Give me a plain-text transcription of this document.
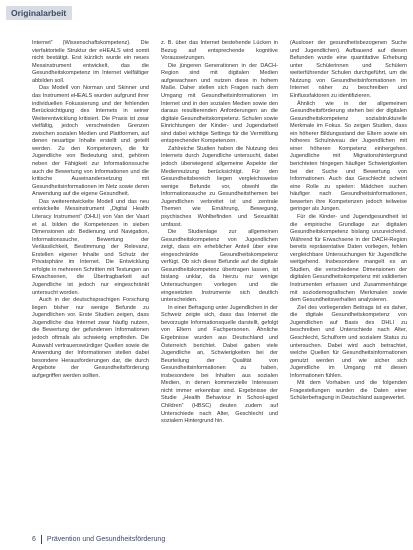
Originalarbeit

Internet“ (Wissenschaftskompetenz). Die vierfaktorielle Struktur der eHEALS wird somit nicht bestätigt. Erst kürzlich wurde ein neues Messinstrument entwickelt, das die Gesundheitskompetenz im Internet vielfältiger abbilden soll.

Das Modell von Norman und Skinner und das Instrument eHEALS wurden aufgrund ihrer individuellen Fokussierung und der fehlenden Berücksichtigung des Internets in seiner Weiterentwicklung kritisiert. Die Praxis ist zwar vielfältig, jedoch verschwinden Grenzen zwischen sozialen Medien und Plattformen, auf denen neuartige Inhalte erstellt und geteilt werden. Zu den Kompetenzen, die für Jugendliche von Bedeutung sind, gehören neben der Fähigkeit zur Informationssuche auch die Bewertung von Informationen und die kritische Auseinandersetzung mit Gesundheitsinformationen im Netz sowie deren Anwendung auf die eigene Gesundheit.

Das weiterentwickelte Modell und das neu entwickelte Messinstrument „Digital Health Literacy Instrument“ (DHLI) von Van der Vaart et al. bilden die Kompetenzen in sieben Dimensionen ab: Bedienung und Navigation, Informationssuche, Bewertung der Verlässlichkeit, Bestimmung der Relevanz, Erstellen eigener Inhalte und Schutz der Privatsphäre im Internet. Die Entwicklung erfolgte in mehreren Schritten mit Testungen an Erwachsenen, die Übertragbarkeit auf Jugendliche ist jedoch nur eingeschränkt untersucht worden.

Auch in der deutschsprachigen Forschung liegen bisher nur wenige Befunde zu Jugendlichen vor. Erste Studien zeigen, dass Jugendliche das Internet zwar häufig nutzen, die Bewertung der gefundenen Informationen jedoch oftmals als schwierig empfinden. Die Auswahl vertrauenswürdiger Quellen sowie die Anwendung der Informationen stellen dabei besondere Herausforderungen dar, die durch Angebote der Gesundheitsförderung aufgegriffen werden sollten.

z. B. über das Internet bestehende Lücken in Bezug auf entsprechende kognitive Voraussetzungen.

Die jüngeren Generationen in der DACH-Region sind mit digitalen Medien aufgewachsen und nutzen diese in hohem Maße. Daher stellen sich Fragen nach dem Umgang mit Gesundheitsinformationen im Internet und in den sozialen Medien sowie den daraus resultierenden Anforderungen an die digitale Gesundheitskompetenz. Schulen sowie Einrichtungen der Kinder- und Jugendarbeit sind dabei wichtige Settings für die Vermittlung entsprechender Kompetenzen.

Zahlreiche Studien haben die Nutzung des Internets durch Jugendliche untersucht, dabei jedoch überwiegend allgemeine Aspekte der Mediennutzung berücksichtigt. Für den Gesundheitsbereich liegen vergleichsweise wenige Befunde vor, obwohl die Informationssuche zu Gesundheitsthemen bei Jugendlichen verbreitet ist und zentrale Themen wie Ernährung, Bewegung, psychisches Wohlbefinden und Sexualität umfasst.

Die Studienlage zur allgemeinen Gesundheitskompetenz von Jugendlichen zeigt, dass ein erheblicher Anteil über eine eingeschränkte Gesundheitskompetenz verfügt. Ob sich diese Befunde auf die digitale Gesundheitskompetenz übertragen lassen, ist bislang unklar, da hierzu nur wenige Untersuchungen vorliegen und die eingesetzten Instrumente sich deutlich unterscheiden.

In einer Befragung unter Jugendlichen in der Schweiz zeigte sich, dass das Internet die bevorzugte Informationsquelle darstellt, gefolgt von Eltern und Fachpersonen. Ähnliche Ergebnisse wurden aus Deutschland und Österreich berichtet. Dabei gaben viele Jugendliche an, Schwierigkeiten bei der Beurteilung der Qualität von Gesundheitsinformationen zu haben, insbesondere bei Inhalten aus sozialen Medien, in denen kommerzielle Interessen nicht immer erkennbar sind. Ergebnisse der Studie „Health Behaviour in School-aged Children“ (HBSC) deuten zudem auf Unterschiede nach Alter, Geschlecht und sozialem Hintergrund hin.

(Ausloser der gesundheitsbezogenen Suche und Jugendlichen). Aufbauend auf diesen Befunden wurde eine quantitative Erhebung unter Schülerinnen und Schülern weiterführender Schulen durchgeführt, um die Nutzung von Gesundheitsinformationen im Internet näher zu beschreiben und Einflussfaktoren zu identifizieren.

Ähnlich wie in der allgemeinen Gesundheitsförderung stehen bei der digitalen Gesundheitskompetenz sozialstrukturelle Merkmale im Fokus. So zeigen Studien, dass ein höherer Bildungsstand der Eltern sowie ein höheres Schulniveau der Jugendlichen mit einer höheren Kompetenz einhergehen. Jugendliche mit Migrationshintergrund berichteten hingegen häufiger Schwierigkeiten bei der Suche und Bewertung von Informationen. Auch das Geschlecht scheint eine Rolle zu spielen: Mädchen suchen häufiger nach Gesundheitsinformationen, bewerten ihre Kompetenzen jedoch teilweise geringer als Jungen.

Für die Kinder- und Jugendgesundheit ist die empirische Grundlage zur digitalen Gesundheitskompetenz bislang unzureichend. Während für Erwachsene in der DACH-Region bereits repräsentative Daten vorliegen, fehlen vergleichbare Untersuchungen für Jugendliche weitgehend. Insbesondere mangelt es an Studien, die verschiedene Dimensionen der digitalen Gesundheitskompetenz mit validierten Instrumenten erfassen und Zusammenhänge mit soziodemografischen Merkmalen sowie dem Gesundheitsverhalten analysieren.

Ziel des vorliegenden Beitrags ist es daher, die digitale Gesundheitskompetenz von Jugendlichen auf Basis des DHLI zu beschreiben und Unterschiede nach Alter, Geschlecht, Schulform und sozialem Status zu untersuchen. Dabei wird auch betrachtet, welche Quellen für Gesundheitsinformationen genutzt werden und wie sicher sich Jugendliche im Umgang mit diesen Informationen fühlen.

Mit dem Vorhaben und die folgenden Fragestellungen wurden die Daten einer Schülerbefragung in Deutschland ausgewertet.

6 Prävention und Gesundheitsförderung
